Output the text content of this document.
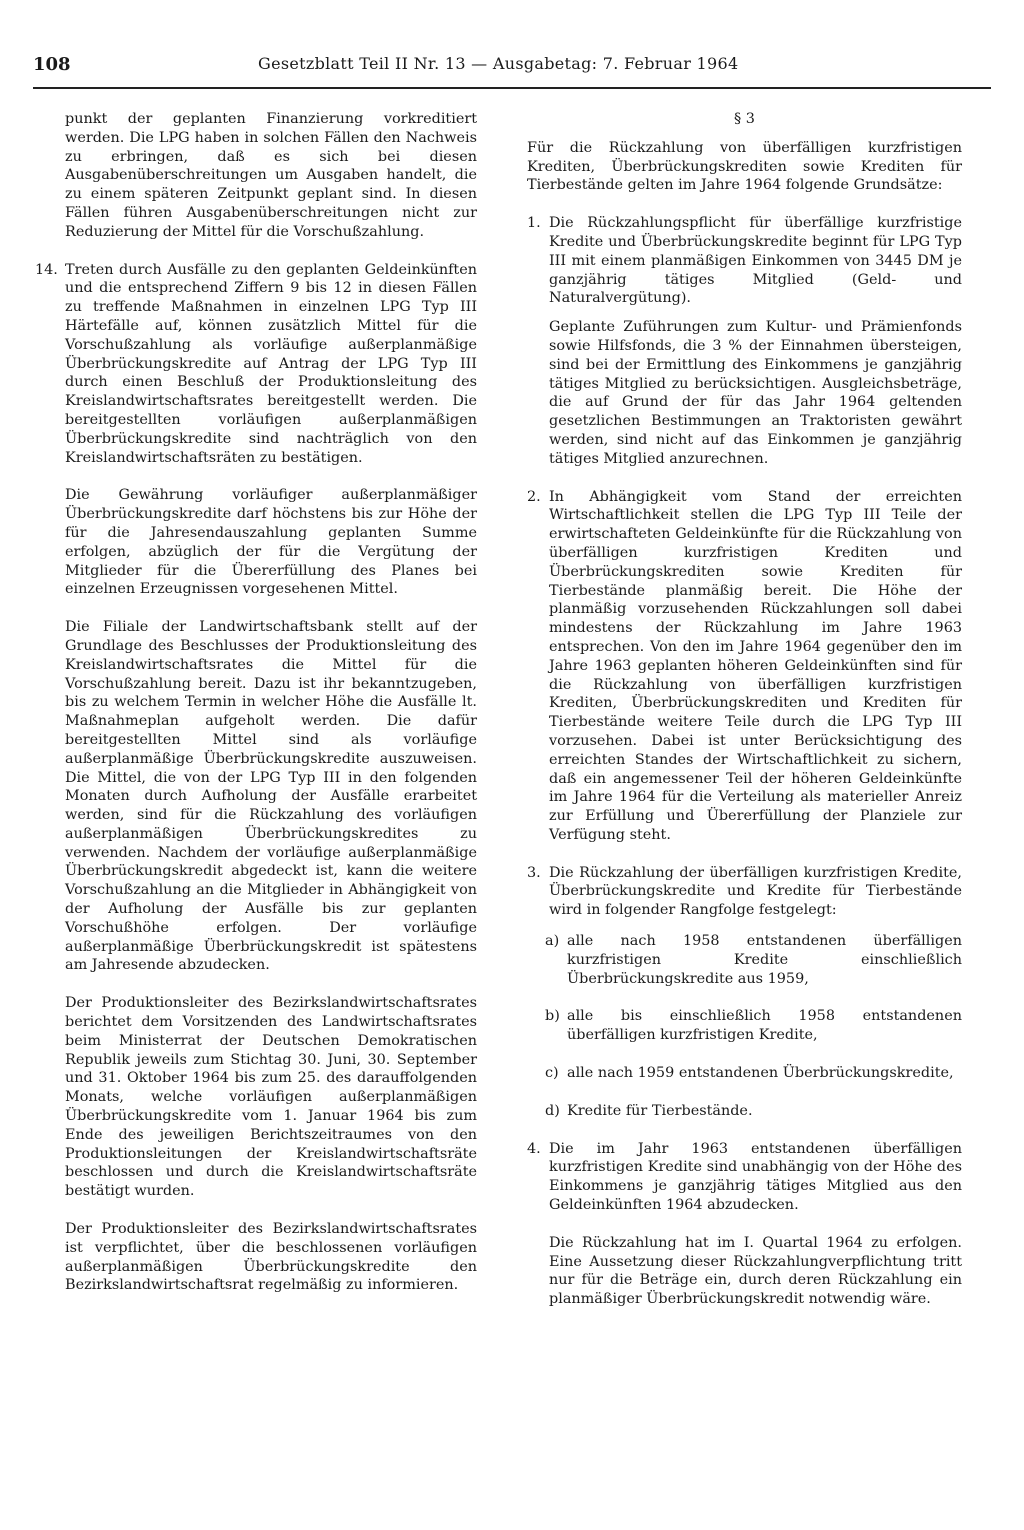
108	Gesetzblatt Teil II Nr. 13 — Ausgabetag: 7. Februar 1964

punkt der geplanten Finanzierung vorkreditiert werden. Die LPG haben in solchen Fällen den Nachweis zu erbringen, daß es sich bei diesen Ausgabenüberschreitungen um Ausgaben handelt, die zu einem späteren Zeitpunkt geplant sind. In diesen Fällen führen Ausgabenüberschreitungen nicht zur Reduzierung der Mittel für die Vorschußzahlung.

14. Treten durch Ausfälle zu den geplanten Geldeinkünften und die entsprechend Ziffern 9 bis 12 in diesen Fällen zu treffende Maßnahmen in einzelnen LPG Typ III Härtefälle auf, können zusätzlich Mittel für die Vorschußzahlung als vorläufige außerplanmäßige Überbrückungskredite auf Antrag der LPG Typ III durch einen Beschluß der Produktionsleitung des Kreislandwirtschaftsrates bereitgestellt werden. Die bereitgestellten vorläufigen außerplanmäßigen Überbrückungskredite sind nachträglich von den Kreislandwirtschaftsräten zu bestätigen.

Die Gewährung vorläufiger außerplanmäßiger Überbrückungskredite darf höchstens bis zur Höhe der für die Jahresendauszahlung geplanten Summe erfolgen, abzüglich der für die Vergütung der Mitglieder für die Übererfüllung des Planes bei einzelnen Erzeugnissen vorgesehenen Mittel.

Die Filiale der Landwirtschaftsbank stellt auf der Grundlage des Beschlusses der Produktionsleitung des Kreislandwirtschaftsrates die Mittel für die Vorschußzahlung bereit. Dazu ist ihr bekanntzugeben, bis zu welchem Termin in welcher Höhe die Ausfälle lt. Maßnahmeplan aufgeholt werden. Die dafür bereitgestellten Mittel sind als vorläufige außerplanmäßige Überbrückungskredite auszuweisen. Die Mittel, die von der LPG Typ III in den folgenden Monaten durch Aufholung der Ausfälle erarbeitet werden, sind für die Rückzahlung des vorläufigen außerplanmäßigen Überbrückungskredites zu verwenden. Nachdem der vorläufige außerplanmäßige Überbrückungskredit abgedeckt ist, kann die weitere Vorschußzahlung an die Mitglieder in Abhängigkeit von der Aufholung der Ausfälle bis zur geplanten Vorschußhöhe erfolgen. Der vorläufige außerplanmäßige Überbrückungskredit ist spätestens am Jahresende abzudecken.

Der Produktionsleiter des Bezirkslandwirtschaftsrates berichtet dem Vorsitzenden des Landwirtschaftsrates beim Ministerrat der Deutschen Demokratischen Republik jeweils zum Stichtag 30. Juni, 30. September und 31. Oktober 1964 bis zum 25. des darauffolgenden Monats, welche vorläufigen außerplanmäßigen Überbrückungskredite vom 1. Januar 1964 bis zum Ende des jeweiligen Berichtszeitraumes von den Produktionsleitungen der Kreislandwirtschaftsräte beschlossen und durch die Kreislandwirtschaftsräte bestätigt wurden.

Der Produktionsleiter des Bezirkslandwirtschaftsrates ist verpflichtet, über die beschlossenen vorläufigen außerplanmäßigen Überbrückungskredite den Bezirkslandwirtschaftsrat regelmäßig zu informieren.

§ 3

Für die Rückzahlung von überfälligen kurzfristigen Krediten, Überbrückungskrediten sowie Krediten für Tierbestände gelten im Jahre 1964 folgende Grundsätze:

1. Die Rückzahlungspflicht für überfällige kurzfristige Kredite und Überbrückungskredite beginnt für LPG Typ III mit einem planmäßigen Einkommen von 3445 DM je ganzjährig tätiges Mitglied (Geld- und Naturalvergütung).
Geplante Zuführungen zum Kultur- und Prämienfonds sowie Hilfsfonds, die 3 % der Einnahmen übersteigen, sind bei der Ermittlung des Einkommens je ganzjährig tätiges Mitglied zu berücksichtigen. Ausgleichsbeträge, die auf Grund der für das Jahr 1964 geltenden gesetzlichen Bestimmungen an Traktoristen gewährt werden, sind nicht auf das Einkommen je ganzjährig tätiges Mitglied anzurechnen.
2. In Abhängigkeit vom Stand der erreichten Wirtschaftlichkeit stellen die LPG Typ III Teile der erwirtschafteten Geldeinkünfte für die Rückzahlung von überfälligen kurzfristigen Krediten und Überbrückungskrediten sowie Krediten für Tierbestände planmäßig bereit. Die Höhe der planmäßig vorzusehenden Rückzahlungen soll dabei mindestens der Rückzahlung im Jahre 1963 entsprechen. Von den im Jahre 1964 gegenüber den im Jahre 1963 geplanten höheren Geldeinkünften sind für die Rückzahlung von überfälligen kurzfristigen Krediten, Überbrückungskrediten und Krediten für Tierbestände weitere Teile durch die LPG Typ III vorzusehen. Dabei ist unter Berücksichtigung des erreichten Standes der Wirtschaftlichkeit zu sichern, daß ein angemessener Teil der höheren Geldeinkünfte im Jahre 1964 für die Verteilung als materieller Anreiz zur Erfüllung und Übererfüllung der Planziele zur Verfügung steht.
3. Die Rückzahlung der überfälligen kurzfristigen Kredite, Überbrückungskredite und Kredite für Tierbestände wird in folgender Rangfolge festgelegt:
a) alle nach 1958 entstandenen überfälligen kurzfristigen Kredite einschließlich Überbrückungskredite aus 1959,
b) alle bis einschließlich 1958 entstandenen überfälligen kurzfristigen Kredite,
c) alle nach 1959 entstandenen Überbrückungskredite,
d) Kredite für Tierbestände.
4. Die im Jahr 1963 entstandenen überfälligen kurzfristigen Kredite sind unabhängig von der Höhe des Einkommens je ganzjährig tätiges Mitglied aus den Geldeinkünften 1964 abzudecken.
Die Rückzahlung hat im I. Quartal 1964 zu erfolgen. Eine Aussetzung dieser Rückzahlungverpflichtung tritt nur für die Beträge ein, durch deren Rückzahlung ein planmäßiger Überbrückungskredit notwendig wäre.
